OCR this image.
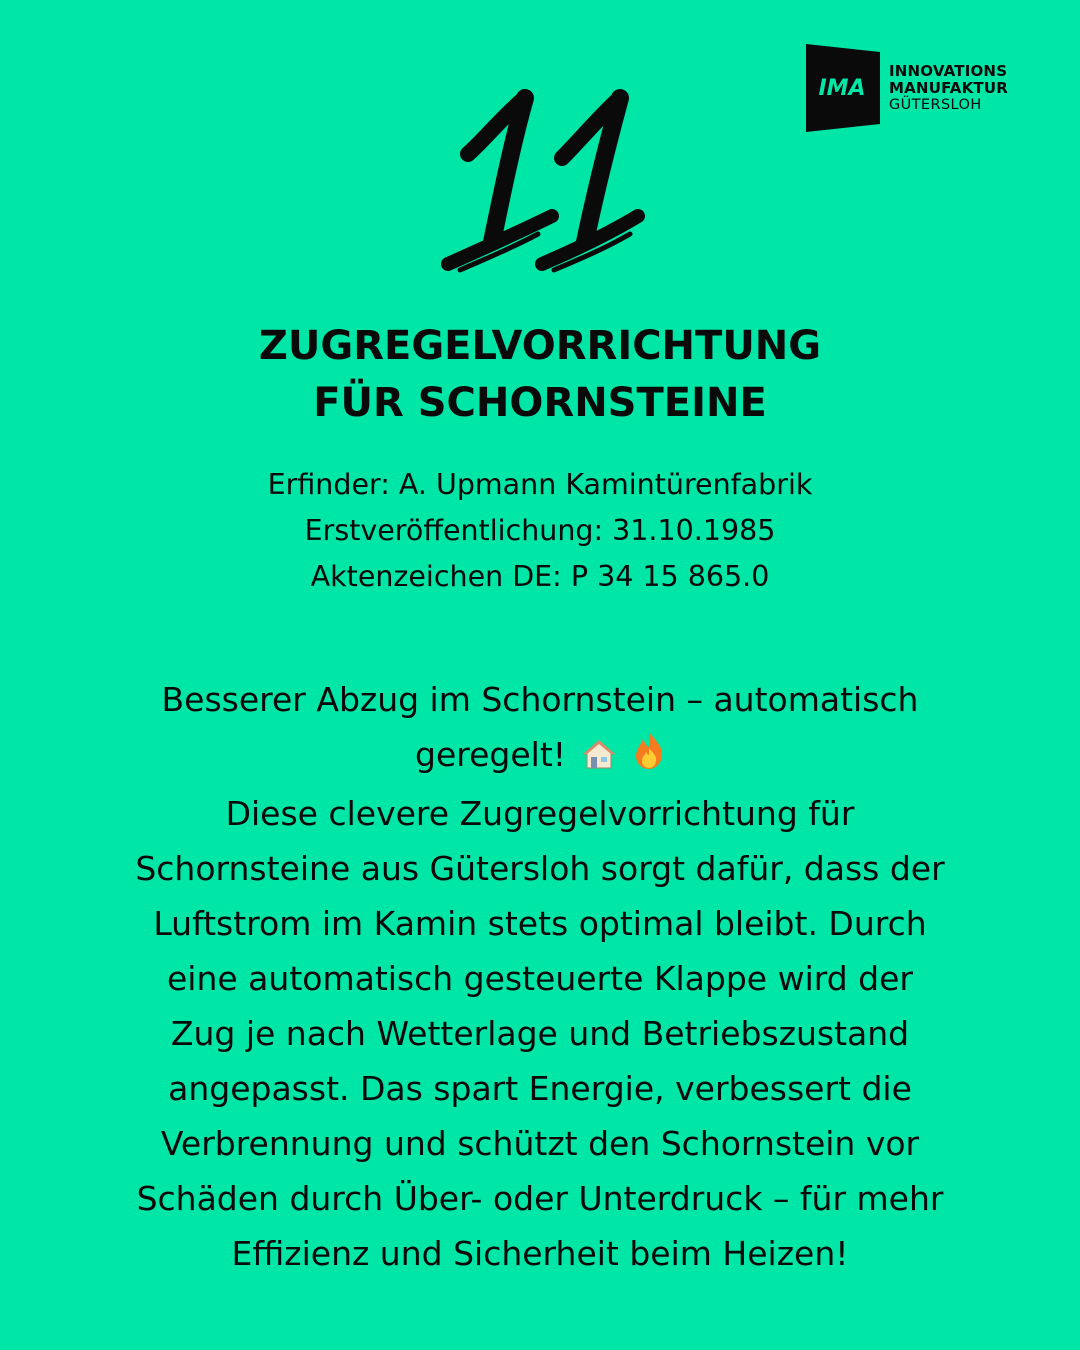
IMA
INNOVATIONS
MANUFAKTUR
GÜTERSLOH
ZUGREGELVORRICHTUNG
FÜR SCHORNSTEINE
Erfinder: A. Upmann Kamintürenfabrik
Erstveröffentlichung: 31.10.1985
Aktenzeichen DE: P 34 15 865.0
Besserer Abzug im Schornstein – automatisch
geregelt!
Diese clevere Zugregelvorrichtung für
Schornsteine aus Gütersloh sorgt dafür, dass der
Luftstrom im Kamin stets optimal bleibt. Durch
eine automatisch gesteuerte Klappe wird der
Zug je nach Wetterlage und Betriebszustand
angepasst. Das spart Energie, verbessert die
Verbrennung und schützt den Schornstein vor
Schäden durch Über- oder Unterdruck – für mehr
Effizienz und Sicherheit beim Heizen!
